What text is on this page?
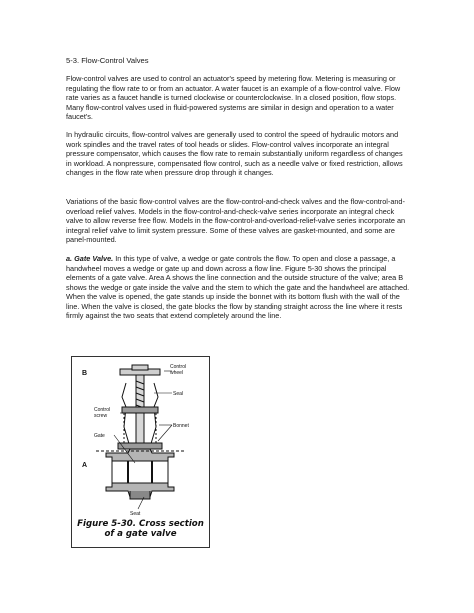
5-3. Flow-Control Valves

Flow-control valves are used to control an actuator's speed by metering flow. Metering is measuring or regulating the flow rate to or from an actuator. A water faucet is an example of a flow-control valve. Flow rate varies as a faucet handle is turned clockwise or counterclockwise. In a closed position, flow stops. Many flow-control valves used in fluid-powered systems are similar in design and operation to a water faucet's.

In hydraulic circuits, flow-control valves are generally used to control the speed of hydraulic motors and work spindles and the travel rates of tool heads or slides. Flow-control valves incorporate an integral pressure compensator, which causes the flow rate to remain substantially uniform regardless of changes in workload. A nonpressure, compensated flow control, such as a needle valve or fixed restriction, allows changes in the flow rate when pressure drop through it changes.

Variations of the basic flow-control valves are the flow-control-and-check valves and the flow-control-and-overload relief valves. Models in the flow-control-and-check-valve series incorporate an integral check valve to allow reverse free flow. Models in the flow-control-and-overload-relief-valve series incorporate an integral relief valve to limit system pressure. Some of these valves are gasket-mounted, and some are panel-mounted.

a. Gate Valve. In this type of valve, a wedge or gate controls the flow. To open and close a passage, a handwheel moves a wedge or gate up and down across a flow line. Figure 5-30 shows the principal elements of a gate valve. Area A shows the line connection and the outside structure of the valve; area B shows the wedge or gate inside the valve and the stem to which the gate and the handwheel are attached. When the valve is opened, the gate stands up inside the bonnet with its bottom flush with the wall of the line. When the valve is closed, the gate blocks the flow by standing straight across the line where it rests firmly against the two seats that extend completely around the line.

B
A
Control
wheel
Seal
Control
screw
Bonnet
Gate
Seat
Figure 5-30. Cross section
of a gate valve
